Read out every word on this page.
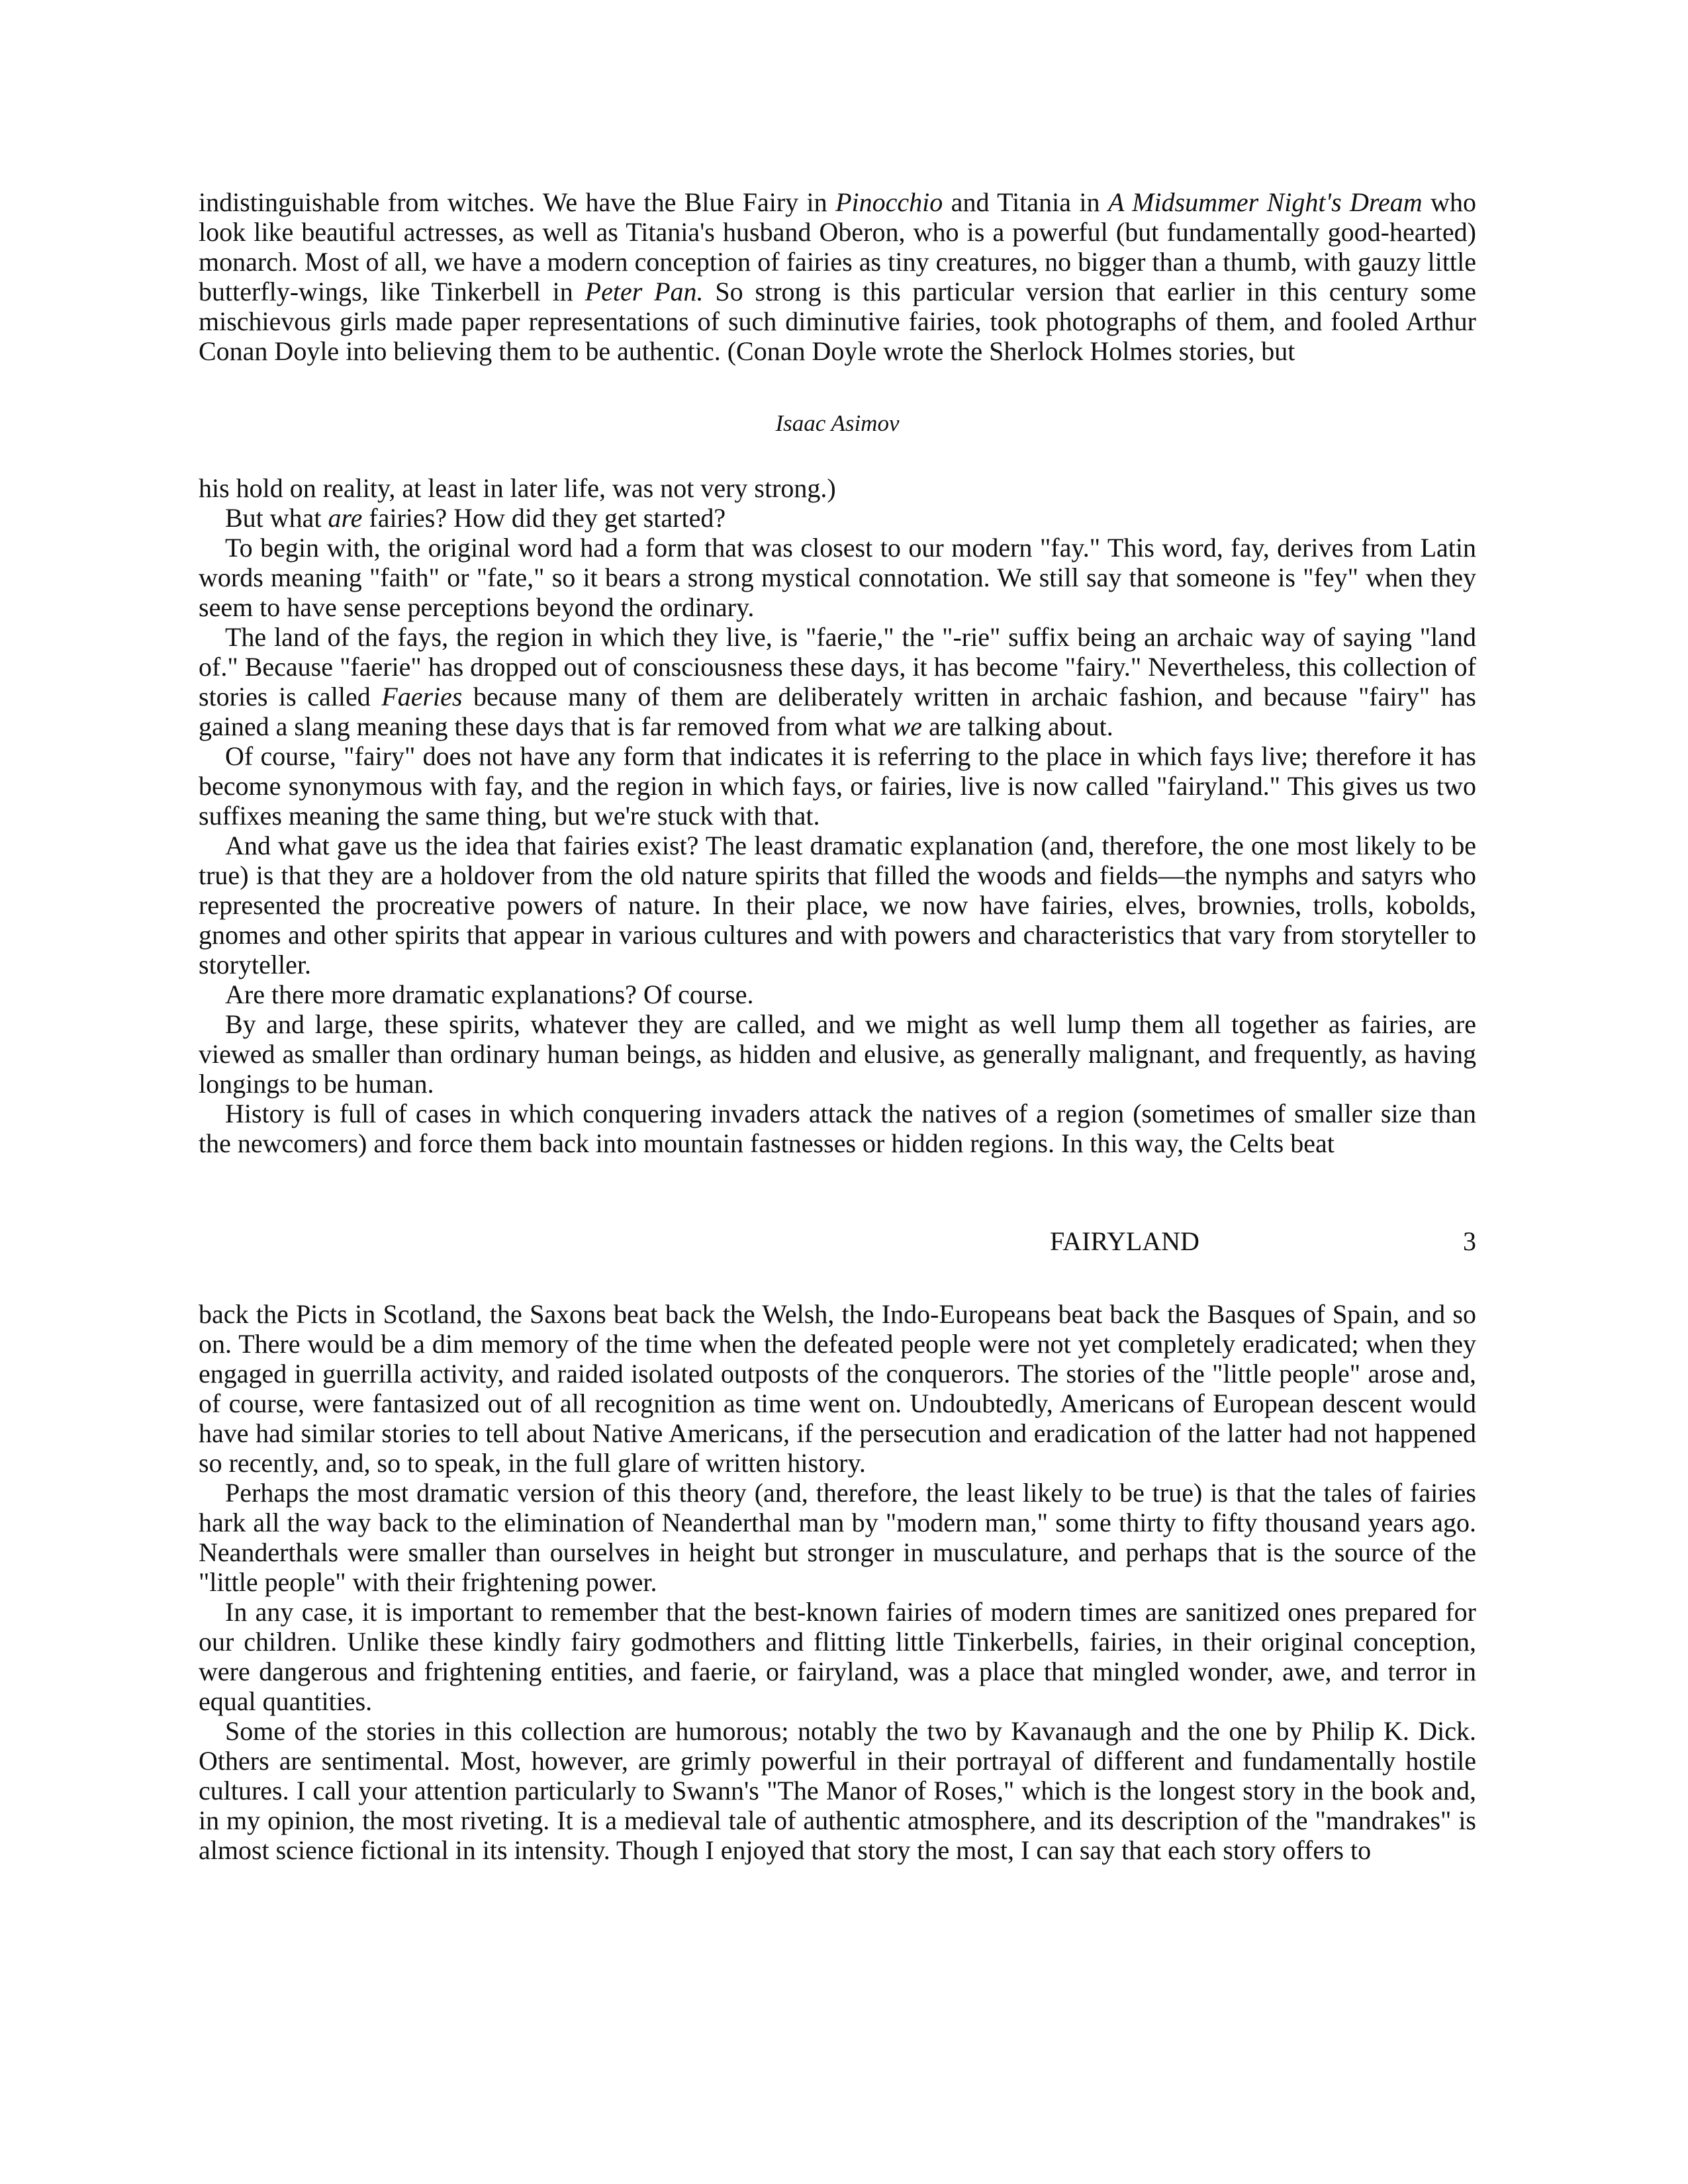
indistinguishable from witches. We have the Blue Fairy in Pinocchio and Titania in A Midsummer Night's Dream who look like beautiful actresses, as well as Titania's husband Oberon, who is a powerful (but fundamentally good-hearted) monarch. Most of all, we have a modern conception of fairies as tiny creatures, no bigger than a thumb, with gauzy little butterfly-wings, like Tinkerbell in Peter Pan. So strong is this particular version that earlier in this century some mischievous girls made paper representations of such diminutive fairies, took photographs of them, and fooled Arthur Conan Doyle into believing them to be authentic. (Conan Doyle wrote the Sherlock Holmes stories, but

Isaac Asimov

his hold on reality, at least in later life, was not very strong.)

But what are fairies? How did they get started?

To begin with, the original word had a form that was closest to our modern "fay." This word, fay, derives from Latin words meaning "faith" or "fate," so it bears a strong mystical connotation. We still say that someone is "fey" when they seem to have sense perceptions beyond the ordinary.

The land of the fays, the region in which they live, is "faerie," the "-rie" suffix being an archaic way of saying "land of." Because "faerie" has dropped out of consciousness these days, it has become "fairy." Nevertheless, this collection of stories is called Faeries because many of them are deliberately written in archaic fashion, and because "fairy" has gained a slang meaning these days that is far removed from what we are talking about.

Of course, "fairy" does not have any form that indicates it is referring to the place in which fays live; therefore it has become synonymous with fay, and the region in which fays, or fairies, live is now called "fairyland." This gives us two suffixes meaning the same thing, but we're stuck with that.

And what gave us the idea that fairies exist? The least dramatic explanation (and, therefore, the one most likely to be true) is that they are a holdover from the old nature spirits that filled the woods and fields—the nymphs and satyrs who represented the procreative powers of nature. In their place, we now have fairies, elves, brownies, trolls, kobolds, gnomes and other spirits that appear in various cultures and with powers and characteristics that vary from storyteller to storyteller.

Are there more dramatic explanations? Of course.

By and large, these spirits, whatever they are called, and we might as well lump them all together as fairies, are viewed as smaller than ordinary human beings, as hidden and elusive, as generally malignant, and frequently, as having longings to be human.

History is full of cases in which conquering invaders attack the natives of a region (sometimes of smaller size than the newcomers) and force them back into mountain fastnesses or hidden regions. In this way, the Celts beat

FAIRYLAND	3

back the Picts in Scotland, the Saxons beat back the Welsh, the Indo-Europeans beat back the Basques of Spain, and so on. There would be a dim memory of the time when the defeated people were not yet completely eradicated; when they engaged in guerrilla activity, and raided isolated outposts of the conquerors. The stories of the "little people" arose and, of course, were fantasized out of all recognition as time went on. Undoubtedly, Americans of European descent would have had similar stories to tell about Native Americans, if the persecution and eradication of the latter had not happened so recently, and, so to speak, in the full glare of written history.

Perhaps the most dramatic version of this theory (and, therefore, the least likely to be true) is that the tales of fairies hark all the way back to the elimination of Neanderthal man by "modern man," some thirty to fifty thousand years ago. Neanderthals were smaller than ourselves in height but stronger in musculature, and perhaps that is the source of the "little people" with their frightening power.

In any case, it is important to remember that the best-known fairies of modern times are sanitized ones prepared for our children. Unlike these kindly fairy godmothers and flitting little Tinkerbells, fairies, in their original conception, were dangerous and frightening entities, and faerie, or fairyland, was a place that mingled wonder, awe, and terror in equal quantities.

Some of the stories in this collection are humorous; notably the two by Kavanaugh and the one by Philip K. Dick. Others are sentimental. Most, however, are grimly powerful in their portrayal of different and fundamentally hostile cultures. I call your attention particularly to Swann's "The Manor of Roses," which is the longest story in the book and, in my opinion, the most riveting. It is a medieval tale of authentic atmosphere, and its description of the "mandrakes" is almost science fictional in its intensity. Though I enjoyed that story the most, I can say that each story offers to
